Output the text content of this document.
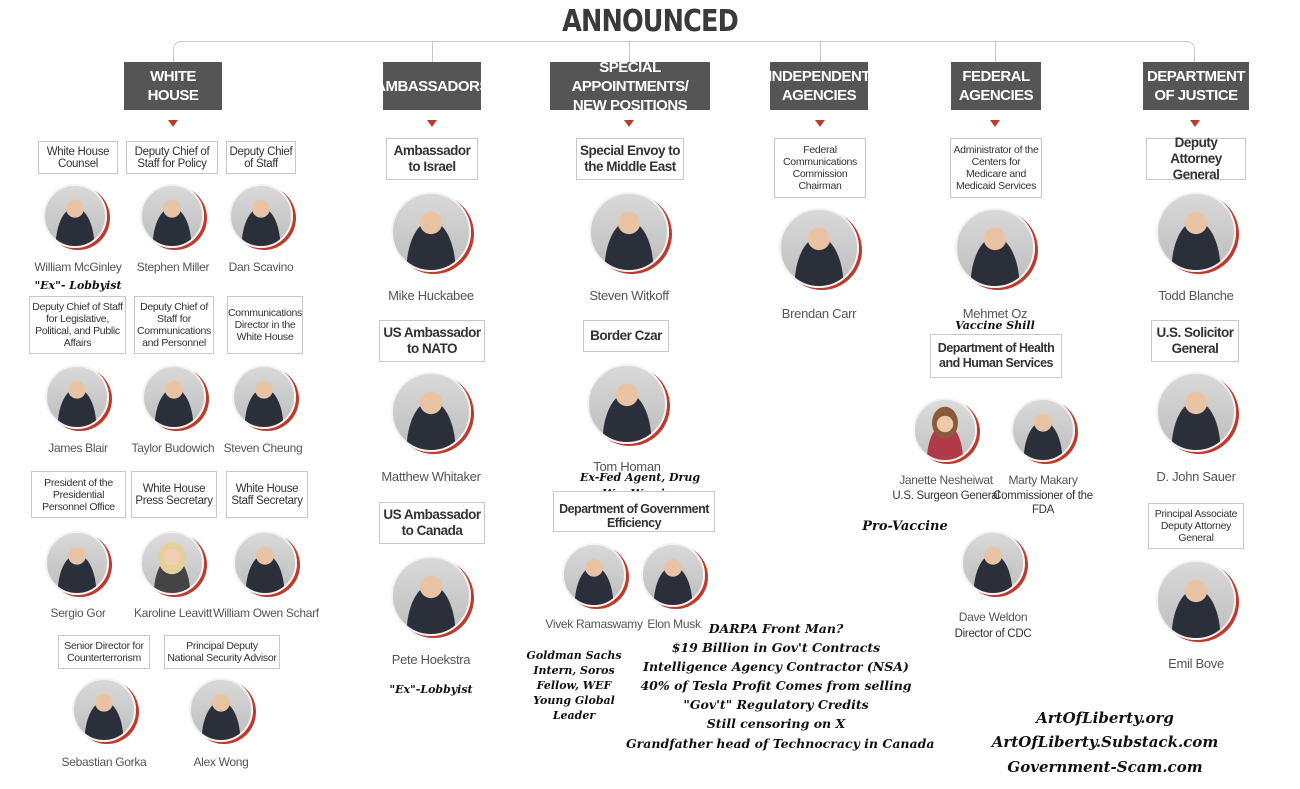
ANNOUNCED
WHITE HOUSE
AMBASSADORS
SPECIAL APPOINTMENTS/ NEW POSITIONS
INDEPENDENT AGENCIES
FEDERAL AGENCIES
DEPARTMENT OF JUSTICE
White House Counsel
Deputy Chief of Staff for Policy
Deputy Chief of Staff
William McGinley	Stephen Miller	Dan Scavino
"Ex"- Lobbyist
Deputy Chief of Staff for Legislative, Political, and Public Affairs
Deputy Chief of Staff for Communications and Personnel
Communications Director in the White House
James Blair	Taylor Budowich Steven Cheung
President of the Presidential Personnel Office
White House Press Secretary
White House Staff Secretary
Sergio Gor	Karoline Leavitt William Owen Scharf
Senior Director for Counterterrorism
Principal Deputy National Security Advisor
Sebastian Gorka	Alex Wong
Ambassador to Israel
Mike Huckabee
US Ambassador to NATO
Matthew Whitaker
US Ambassador to Canada
Pete Hoekstra
"Ex"-Lobbyist
Special Envoy to the Middle East
Steven Witkoff
Border Czar
Tom Homan
Ex-Fed Agent, Drug
Department of Government Efficiency
Vivek Ramaswamy Elon Musk
Goldman Sachs
Intern, Soros
Fellow, WEF
Young Global
Leader
DARPA Front Man?
$19 Billion in Gov't Contracts
Intelligence Agency Contractor (NSA)
40% of Tesla Profit Comes from selling
"Gov't" Regulatory Credits
Still censoring on X
Grandfather head of Technocracy in Canada
Federal Communications Commission Chairman
Brendan Carr
Administrator of the Centers for Medicare and Medicaid Services
Mehmet Oz
Vaccine Shill
Department of Health and Human Services
Janette Nesheiwat
U.S. Surgeon General
Marty Makary
Commissioner of the FDA
Pro-Vaccine
Dave Weldon
Director of CDC
Deputy Attorney General
Todd Blanche
U.S. Solicitor General
D. John Sauer
Principal Associate Deputy Attorney General
Emil Bove
ArtOfLiberty.org
ArtOfLiberty.Substack.com
Government-Scam.com
